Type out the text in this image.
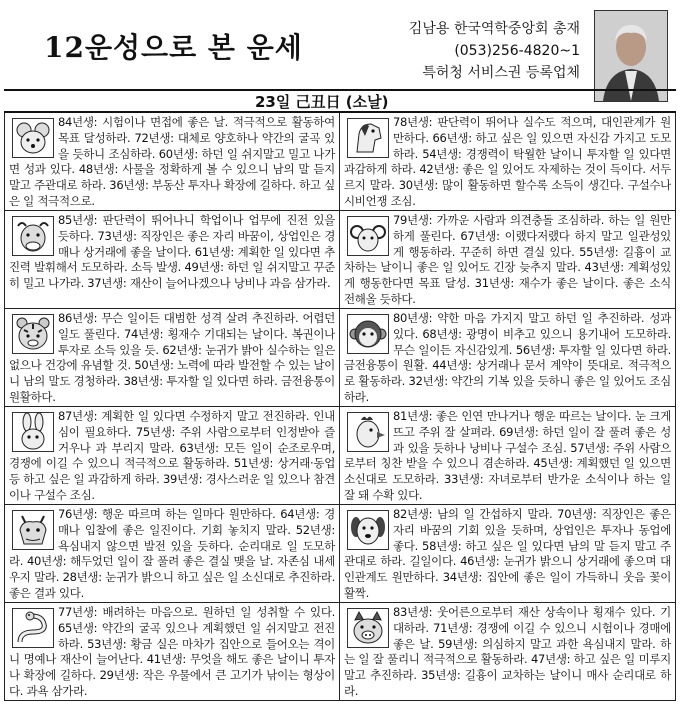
12운성으로 본 운세
김남용 한국역학중앙회 총재
(053)256-4820~1
특허청 서비스권 등록업체
23일 己丑日 (소날)
84년생: 시험이나 면접에 좋은 날. 적극적으로 활동하여 목표 달성하라. 72년생: 대체로 양호하나 약간의 굴곡 있을 듯하니 조심하라. 60년생: 하던 일 쉬지말고 밀고 나가면 성과 있다. 48년생: 사물을 정확하게 볼 수 있으니 남의 말 듣지 말고 주관대로 하라. 36년생: 부동산 투자나 확장에 길하다. 하고 싶은 일 적극적으로.
78년생: 판단력이 뛰어나 실수도 적으며, 대인관계가 원만하다. 66년생: 하고 싶은 일 있으면 자신감 가지고 도모하라. 54년생: 경쟁력이 탁월한 날이니 투자할 일 있다면 과감하게 하라. 42년생: 좋은 일 있어도 자제하는 것이 득이다. 서두르지 말라. 30년생: 많이 활동하면 할수록 소득이 생긴다. 구설수나 시비언쟁 조심.
85년생: 판단력이 뛰어나니 학업이나 업무에 진전 있을 듯하다. 73년생: 직장인은 좋은 자리 바꿈이, 상업인은 경매나 상거래에 좋을 날이다. 61년생: 계획한 일 있다면 추진력 발휘해서 도모하라. 소득 발생. 49년생: 하던 일 쉬지말고 꾸준히 밀고 나가라. 37년생: 재산이 늘어나겠으나 낭비나 과음 삼가라.
79년생: 가까운 사람과 의견충돌 조심하라. 하는 일 원만하게 풀린다. 67년생: 이랬다저랬다 하지 말고 일관성있게 행동하라. 꾸준히 하면 결실 있다. 55년생: 길흉이 교차하는 날이니 좋은 일 있어도 긴장 늦추지 말라. 43년생: 계획성있게 행동한다면 목표 달성. 31년생: 재수가 좋은 날이다. 좋은 소식 전해올 듯하다.
86년생: 무슨 일이든 대범한 성격 살려 추진하라. 어렵던 일도 풀린다. 74년생: 횡재수 기대되는 날이다. 복권이나 투자로 소득 있을 듯. 62년생: 눈귀가 밝아 실수하는 일은 없으나 건강에 유념할 것. 50년생: 노력에 따라 발전할 수 있는 날이니 남의 말도 경청하라. 38년생: 투자할 일 있다면 하라. 금전융통이 원활하다.
80년생: 약한 마음 가지지 말고 하던 일 추진하라. 성과 있다. 68년생: 광명이 비추고 있으니 용기내어 도모하라. 무슨 일이든 자신감있게. 56년생: 투자할 일 있다면 하라. 금전융통이 원활. 44년생: 상거래나 문서 계약이 뜻대로. 적극적으로 활동하라. 32년생: 약간의 기복 있을 듯하니 좋은 일 있어도 조심하라.
87년생: 계획한 일 있다면 수정하지 말고 전진하라. 인내심이 필요하다. 75년생: 주위 사람으로부터 인정받아 즐거우나 과 부리지 말라. 63년생: 모든 일이 순조로우며, 경쟁에 이길 수 있으니 적극적으로 활동하라. 51년생: 상거래·동업 등 하고 싶은 일 과감하게 하라. 39년생: 경사스러운 일 있으나 참견이나 구설수 조심.
81년생: 좋은 인연 만나거나 행운 따르는 날이다. 눈 크게 뜨고 주위 잘 살펴라. 69년생: 하던 일이 잘 풀려 좋은 성과 있을 듯하나 낭비나 구설수 조심. 57년생: 주위 사람으로부터 칭찬 받을 수 있으니 겸손하라. 45년생: 계획했던 일 있으면 소신대로 도모하라. 33년생: 자녀로부터 반가운 소식이나 하는 일 잘 돼 수확 있다.
76년생: 행운 따르며 하는 일마다 원만하다. 64년생: 경매나 입찰에 좋은 일진이다. 기회 놓치지 말라. 52년생: 욕심내지 않으면 발전 있을 듯하다. 순리대로 일 도모하라. 40년생: 해두었던 일이 잘 풀려 좋은 결실 맺을 날. 자존심 내세우지 말라. 28년생: 눈귀가 밝으니 하고 싶은 일 소신대로 추진하라. 좋은 결과 있다.
82년생: 남의 일 간섭하지 말라. 70년생: 직장인은 좋은 자리 바꿈의 기회 있을 듯하며, 상업인은 투자나 동업에 좋다. 58년생: 하고 싶은 일 있다면 남의 말 듣지 말고 주관대로 하라. 길일이다. 46년생: 눈귀가 밝으니 상거래에 좋으며 대인관계도 원만하다. 34년생: 집안에 좋은 일이 가득하니 웃음 꽃이 활짝.
77년생: 배려하는 마음으로. 원하던 일 성취할 수 있다. 65년생: 약간의 굴곡 있으나 계획했던 일 쉬지말고 전진하라. 53년생: 황금 실은 마차가 집안으로 들어오는 격이니 명예나 재산이 늘어난다. 41년생: 무엇을 해도 좋은 날이니 투자나 확장에 길하다. 29년생: 작은 우물에서 큰 고기가 낚이는 형상이다. 과욕 삼가라.
83년생: 웃어른으로부터 재산 상속이나 횡재수 있다. 기대하라. 71년생: 경쟁에 이길 수 있으니 시험이나 경매에 좋은 날. 59년생: 의심하지 말고 과한 욕심내지 말라. 하는 일 잘 풀리니 적극적으로 활동하라. 47년생: 하고 싶은 일 미루지 말고 추진하라. 35년생: 길흉이 교차하는 날이니 매사 순리대로 하라.
